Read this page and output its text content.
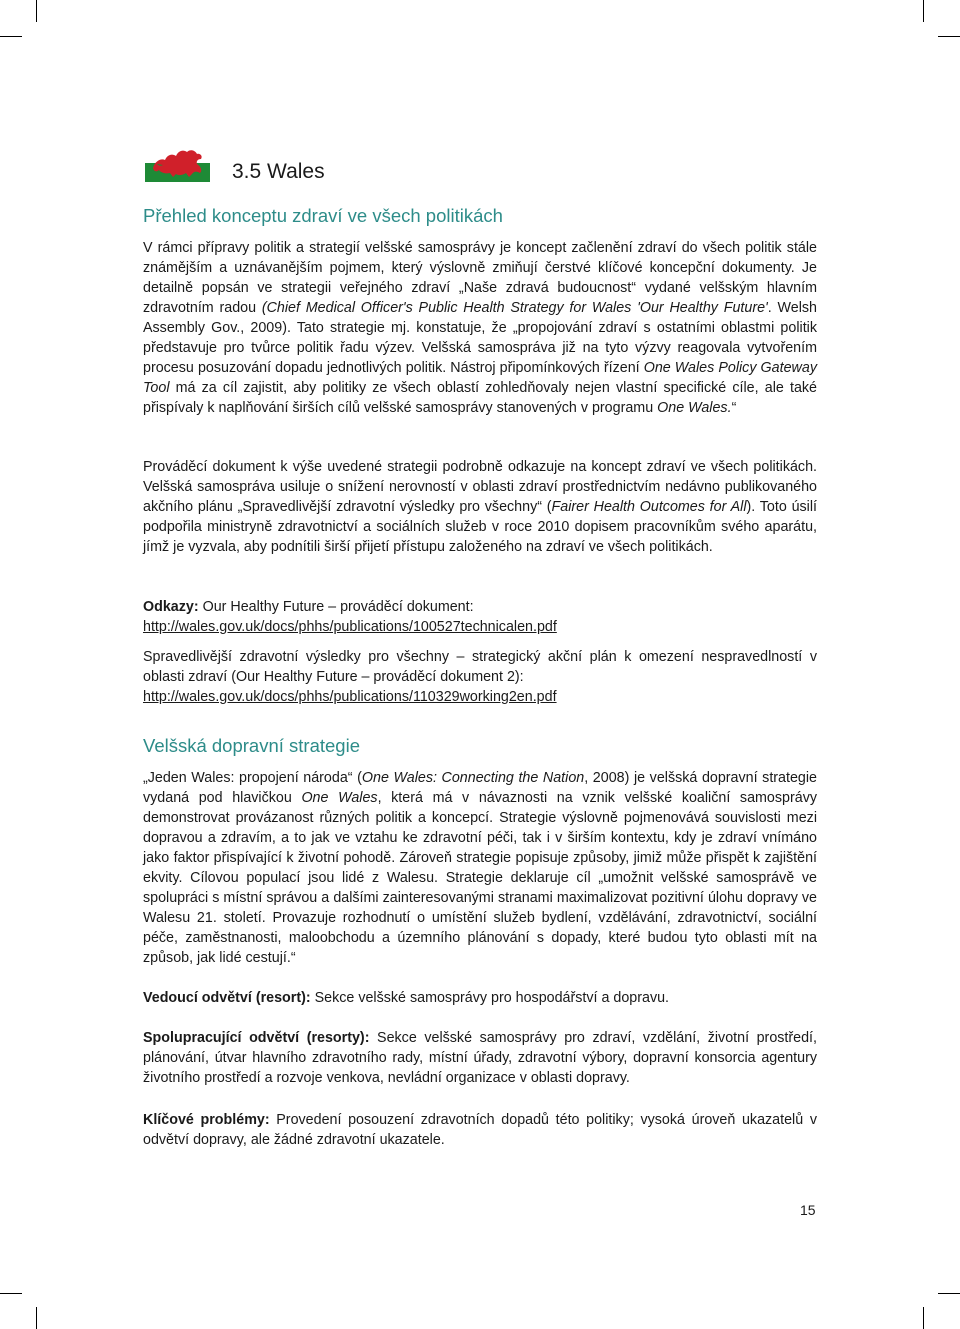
3.5 Wales
Přehled konceptu zdraví ve všech politikách

V rámci přípravy politik a strategií velšské samosprávy je koncept začlenění zdraví do všech politik stále známějším a uznávanějším pojmem, který výslovně zmiňují čerstvé klíčové koncepční dokumenty. Je detailně popsán ve strategii veřejného zdraví „Naše zdravá budoucnost“ vydané velšským hlavním zdravotním radou (Chief Medical Officer's Public Health Strategy for Wales 'Our Healthy Future'. Welsh Assembly Gov., 2009). Tato strategie mj. konstatuje, že „propojování zdraví s ostatními oblastmi politik představuje pro tvůrce politik řadu výzev. Velšská samospráva již na tyto výzvy reagovala vytvořením procesu posuzování dopadu jednotlivých politik. Nástroj připomínkových řízení One Wales Policy Gateway Tool má za cíl zajistit, aby politiky ze všech oblastí zohledňovaly nejen vlastní specifické cíle, ale také přispívaly k naplňování širších cílů velšské samosprávy stanovených v programu One Wales.“

Prováděcí dokument k výše uvedené strategii podrobně odkazuje na koncept zdraví ve všech politikách. Velšská samospráva usiluje o snížení nerovností v oblasti zdraví prostřednictvím nedávno publikovaného akčního plánu „Spravedlivější zdravotní výsledky pro všechny“ (Fairer Health Outcomes for All). Toto úsilí podpořila ministryně zdravotnictví a sociálních služeb v roce 2010 dopisem pracovníkům svého aparátu, jímž je vyzvala, aby podnítili širší přijetí přístupu založeného na zdraví ve všech politikách.

Odkazy: Our Healthy Future – prováděcí dokument:
http://wales.gov.uk/docs/phhs/publications/100527technicalen.pdf

Spravedlivější zdravotní výsledky pro všechny – strategický akční plán k omezení nespravedlností v oblasti zdraví (Our Healthy Future – prováděcí dokument 2):
http://wales.gov.uk/docs/phhs/publications/110329working2en.pdf

Velšská dopravní strategie

„Jeden Wales: propojení národa“ (One Wales: Connecting the Nation, 2008) je velšská dopravní strategie vydaná pod hlavičkou One Wales, která má v návaznosti na vznik velšské koaliční samosprávy demonstrovat provázanost různých politik a koncepcí. Strategie výslovně pojmenovává souvislosti mezi dopravou a zdravím, a to jak ve vztahu ke zdravotní péči, tak i v širším kontextu, kdy je zdraví vnímáno jako faktor přispívající k životní pohodě. Zároveň strategie popisuje způsoby, jimiž může přispět k zajištění ekvity. Cílovou populací jsou lidé z Walesu. Strategie deklaruje cíl „umožnit velšské samosprávě ve spolupráci s místní správou a dalšími zainteresovanými stranami maximalizovat pozitivní úlohu dopravy ve Walesu 21. století. Provazuje rozhodnutí o umístění služeb bydlení, vzdělávání, zdravotnictví, sociální péče, zaměstnanosti, maloobchodu a územního plánování s dopady, které budou tyto oblasti mít na způsob, jak lidé cestují.“

Vedoucí odvětví (resort): Sekce velšské samosprávy pro hospodářství a dopravu.

Spolupracující odvětví (resorty): Sekce velšské samosprávy pro zdraví, vzdělání, životní prostředí, plánování, útvar hlavního zdravotního rady, místní úřady, zdravotní výbory, dopravní konsorcia agentury životního prostředí a rozvoje venkova, nevládní organizace v oblasti dopravy.

Klíčové problémy: Provedení posouzení zdravotních dopadů této politiky; vysoká úroveň ukazatelů v odvětví dopravy, ale žádné zdravotní ukazatele.

15
